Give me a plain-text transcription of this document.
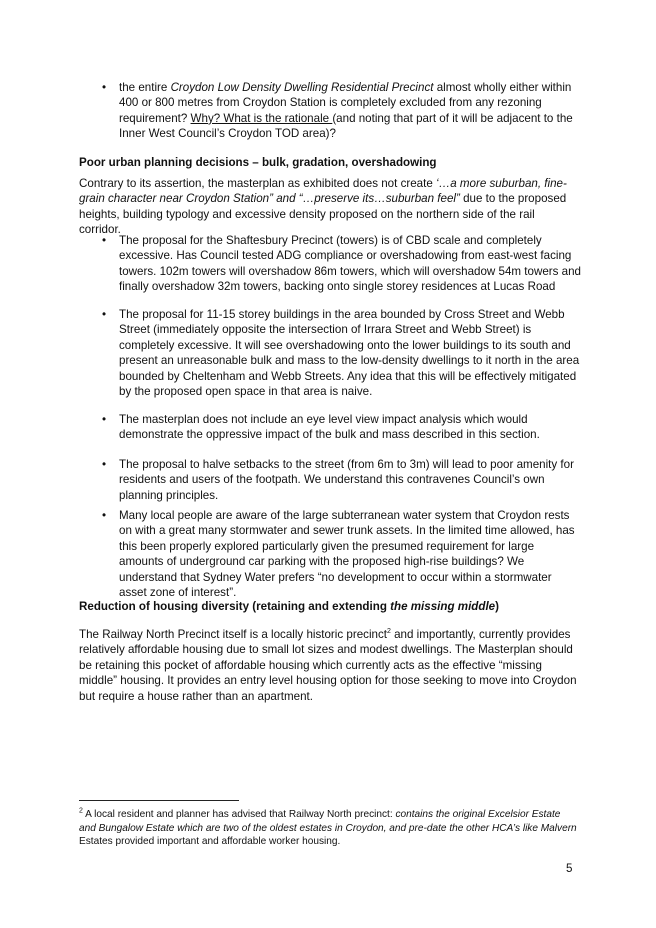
• the entire Croydon Low Density Dwelling Residential Precinct almost wholly either within 400 or 800 metres from Croydon Station is completely excluded from any rezoning requirement? Why? What is the rationale (and noting that part of it will be adjacent to the Inner West Council’s Croydon TOD area)?
Poor urban planning decisions – bulk, gradation, overshadowing
Contrary to its assertion, the masterplan as exhibited does not create ‘…a more suburban, fine-grain character near Croydon Station” and “…preserve its…suburban feel” due to the proposed heights, building typology and excessive density proposed on the northern side of the rail corridor.
• The proposal for the Shaftesbury Precinct (towers) is of CBD scale and completely excessive. Has Council tested ADG compliance or overshadowing from east-west facing towers. 102m towers will overshadow 86m towers, which will overshadow 54m towers and finally overshadow 32m towers, backing onto single storey residences at Lucas Road
• The proposal for 11-15 storey buildings in the area bounded by Cross Street and Webb Street (immediately opposite the intersection of Irrara Street and Webb Street) is completely excessive. It will see overshadowing onto the lower buildings to its south and present an unreasonable bulk and mass to the low-density dwellings to it north in the area bounded by Cheltenham and Webb Streets. Any idea that this will be effectively mitigated by the proposed open space in that area is naive.
• The masterplan does not include an eye level view impact analysis which would demonstrate the oppressive impact of the bulk and mass described in this section.
• The proposal to halve setbacks to the street (from 6m to 3m) will lead to poor amenity for residents and users of the footpath. We understand this contravenes Council’s own planning principles.
• Many local people are aware of the large subterranean water system that Croydon rests on with a great many stormwater and sewer trunk assets. In the limited time allowed, has this been properly explored particularly given the presumed requirement for large amounts of underground car parking with the proposed high-rise buildings? We understand that Sydney Water prefers “no development to occur within a stormwater asset zone of interest”.
Reduction of housing diversity (retaining and extending the missing middle)
The Railway North Precinct itself is a locally historic precinct$^2$ and importantly, currently provides relatively affordable housing due to small lot sizes and modest dwellings. The Masterplan should be retaining this pocket of affordable housing which currently acts as the effective “missing middle” housing. It provides an entry level housing option for those seeking to move into Croydon but require a house rather than an apartment.
$^2$ A local resident and planner has advised that Railway North precinct: contains the original Excelsior Estate and Bungalow Estate which are two of the oldest estates in Croydon, and pre-date the other HCA’s like Malvern Estates provided important and affordable worker housing.
5
